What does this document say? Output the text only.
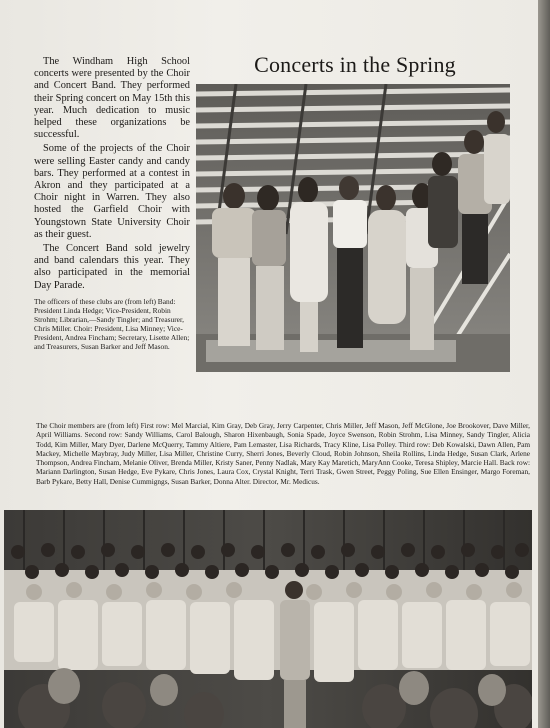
Concerts in the Spring

The Windham High School concerts were presented by the Choir and Concert Band. They performed their Spring concert on May 15th this year. Much dedication to music helped these organizations be successful.

Some of the projects of the Choir were selling Easter candy and candy bars. They performed at a contest in Akron and they participated at a Choir night in Warren. They also hosted the Garfield Choir with Youngstown State University Choir as their guest.

The Concert Band sold jewelry and band calendars this year. They also participated in the memorial Day Parade.

The officers of these clubs are (from left) Band: President Linda Hedge; Vice-President, Robin Strohm; Librarian,—Sandy Tingler; and Treasurer, Chris Miller. Choir: President, Lisa Minney; Vice-President, Andrea Fincham; Secretary, Lisette Allen; and Treasurers, Susan Barker and Jeff Mason.

The Choir members are (from left) First row: Mel Marcial, Kim Gray, Deb Gray, Jerry Carpenter, Chris Miller, Jeff Mason, Jeff McGlone, Joe Brookover, Dave Miller, April Williams. Second row: Sandy Williams, Carol Balough, Sharon Hixenbaugh, Sonia Spade, Joyce Swenson, Robin Strohm, Lisa Minney, Sandy Tingler, Alicia Todd, Kim Miller, Mary Dyer, Darlene McQuerry, Tammy Altiere, Pam Lemaster, Lisa Richards, Tracy Kline, Lisa Polley. Third row: Deb Kowalski, Dawn Allen, Pam Mackey, Michelle Maybray, Judy Miller, Lisa Miller, Christine Curry, Sherri Jones, Beverly Cloud, Robin Johnson, Sheila Rollins, Linda Hedge, Susan Clark, Arlene Thompson, Andrea Fincham, Melanie Oliver, Brenda Miller, Kristy Saner, Penny Nadlak, Mary Kay Maretich, MaryAnn Cooke, Teresa Shipley, Marcie Hall. Back row: Mariann Darlington, Susan Hedge, Eve Pykare, Chris Jones, Laura Cox, Crystal Knight, Terri Trask, Gwen Street, Peggy Poling, Sue Ellen Ensinger, Margo Foreman, Barb Pykare, Betty Hall, Denise Cummigngs, Susan Barker, Donna Alter. Director, Mr. Medicus.
